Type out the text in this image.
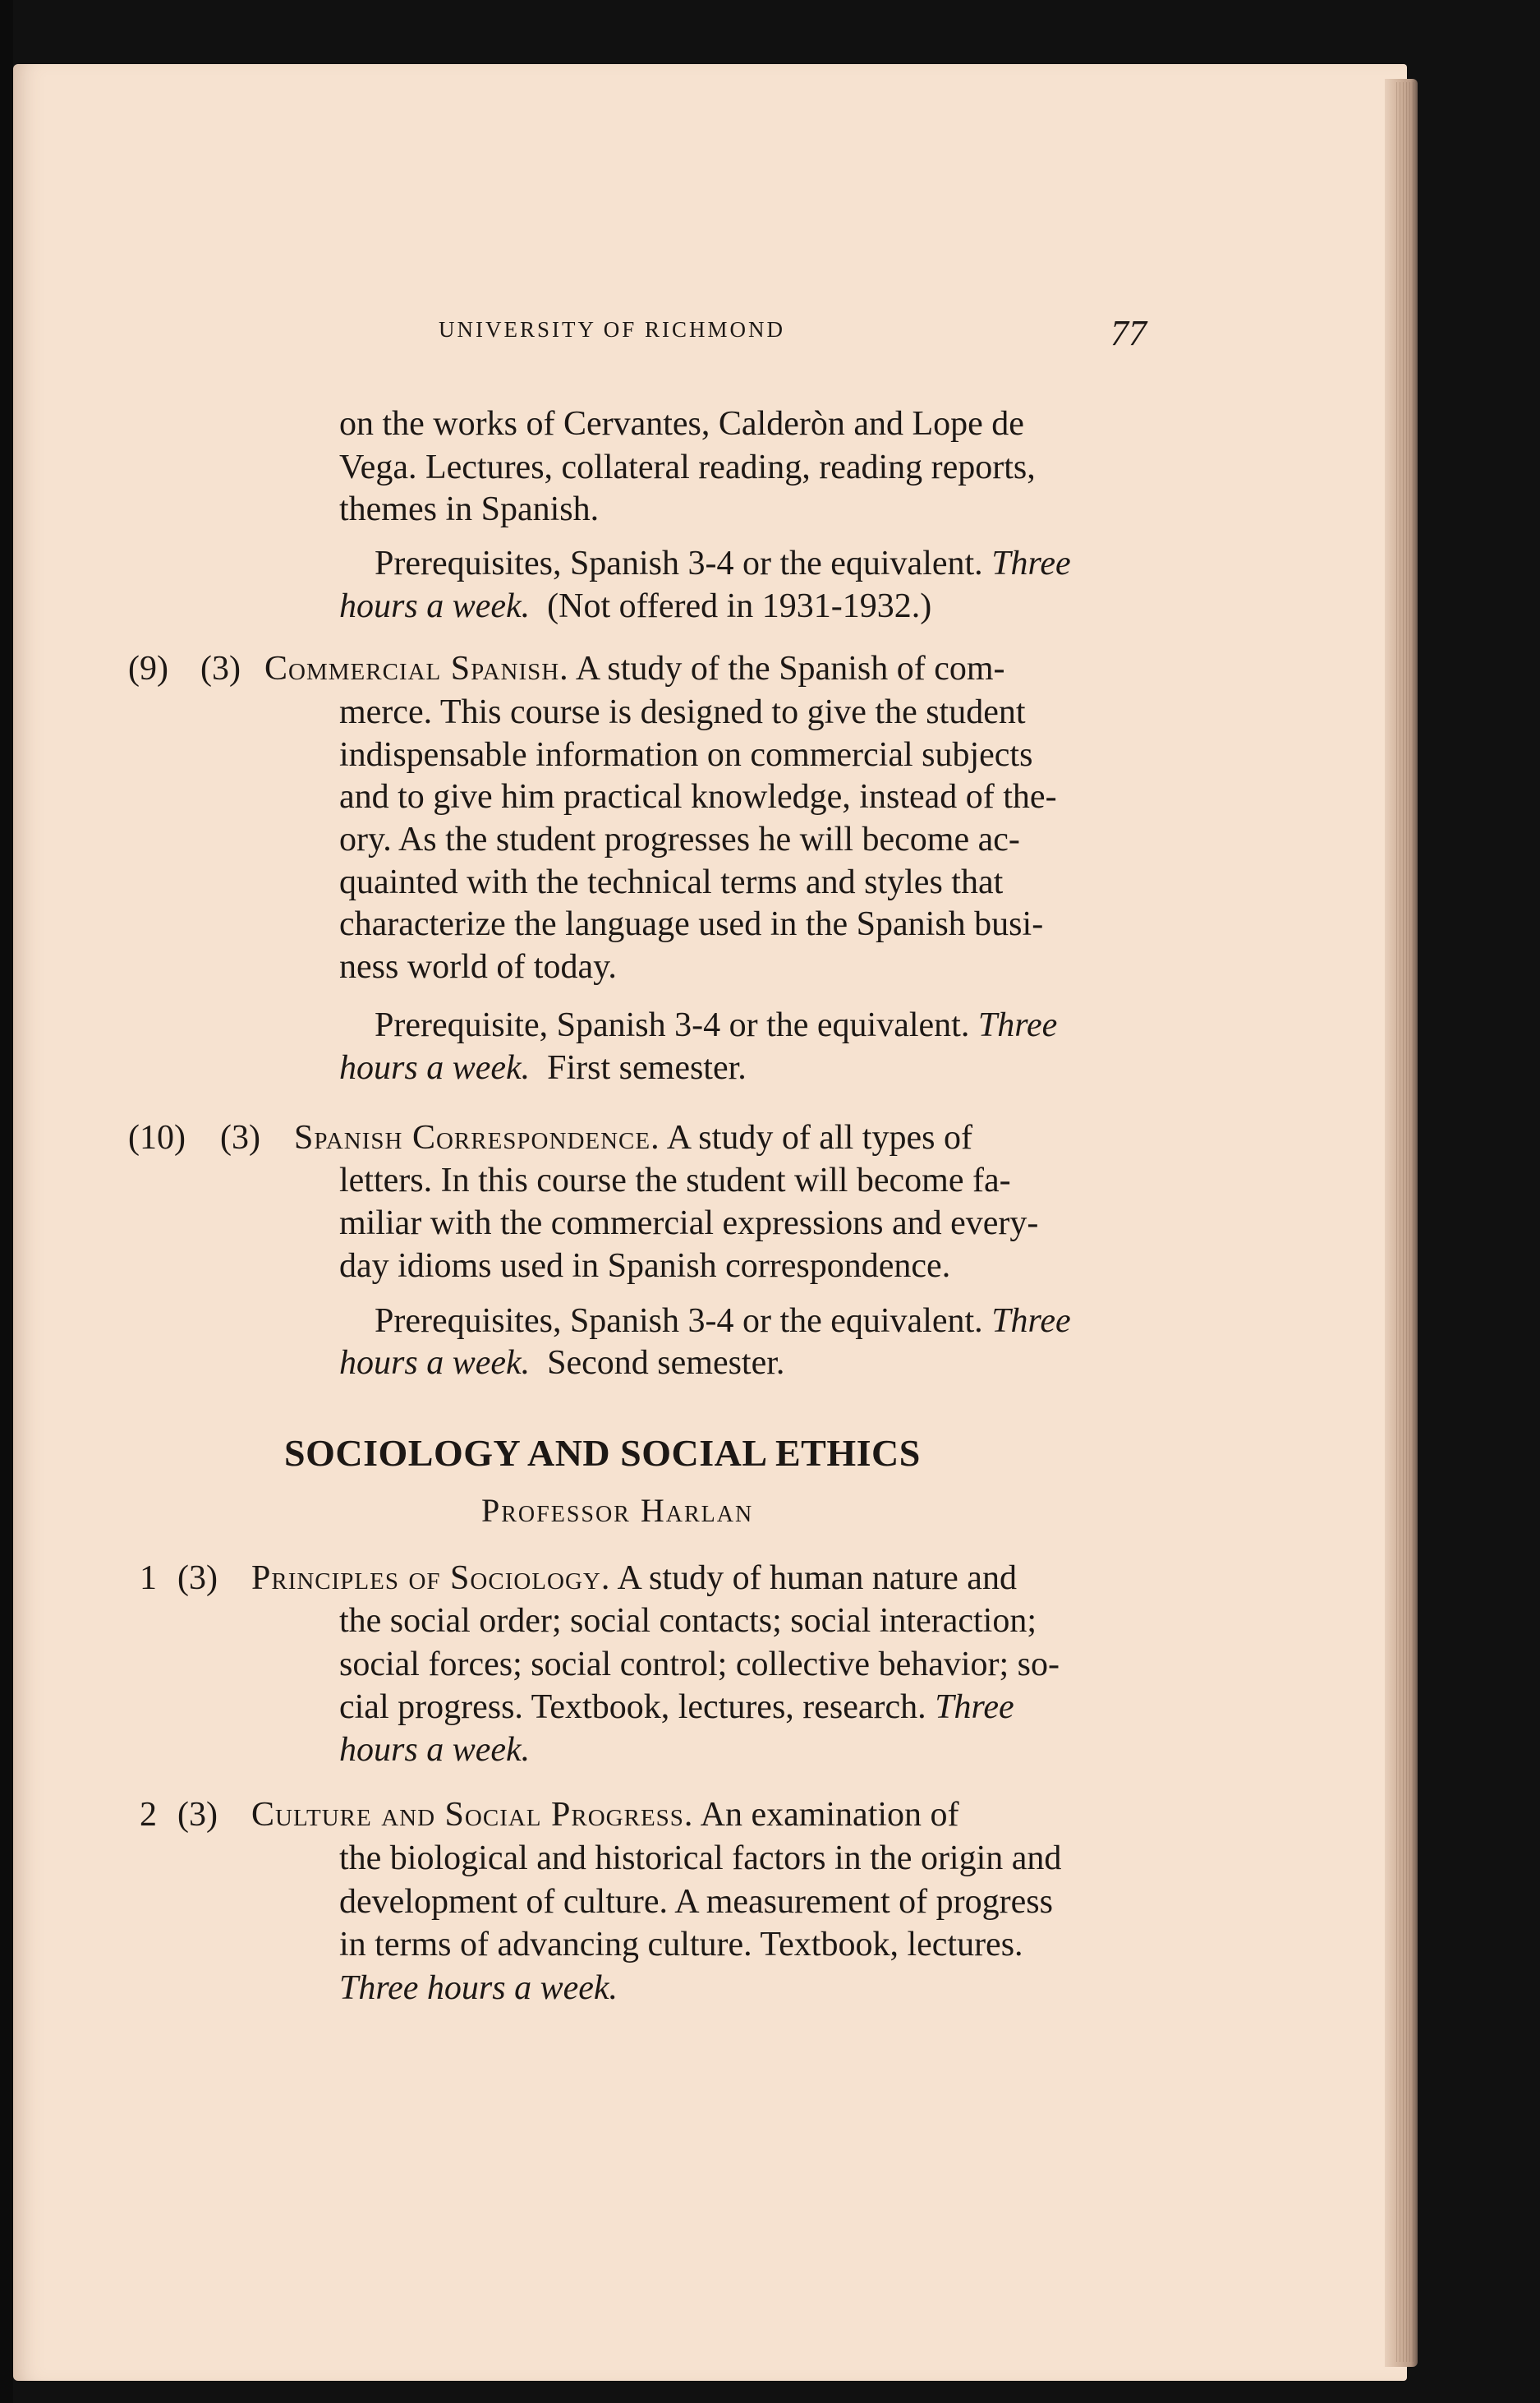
UNIVERSITY OF RICHMOND	77
on the works of Cervantes, Calderòn and Lope de
Vega. Lectures, collateral reading, reading reports,
themes in Spanish.
Prerequisites, Spanish 3-4 or the equivalent. Three
hours a week. (Not offered in 1931-1932.)
(9) (3) Commercial Spanish. A study of the Spanish of com-
merce. This course is designed to give the student
indispensable information on commercial subjects
and to give him practical knowledge, instead of the-
ory. As the student progresses he will become ac-
quainted with the technical terms and styles that
characterize the language used in the Spanish busi-
ness world of today.
Prerequisite, Spanish 3-4 or the equivalent. Three
hours a week. First semester.
(10) (3) Spanish Correspondence. A study of all types of
letters. In this course the student will become fa-
miliar with the commercial expressions and every-
day idioms used in Spanish correspondence.
Prerequisites, Spanish 3-4 or the equivalent. Three
hours a week. Second semester.
SOCIOLOGY AND SOCIAL ETHICS
Professor Harlan
1 (3) Principles of Sociology. A study of human nature and
the social order; social contacts; social interaction;
social forces; social control; collective behavior; so-
cial progress. Textbook, lectures, research. Three
hours a week.
2 (3) Culture and Social Progress. An examination of
the biological and historical factors in the origin and
development of culture. A measurement of progress
in terms of advancing culture. Textbook, lectures.
Three hours a week.
